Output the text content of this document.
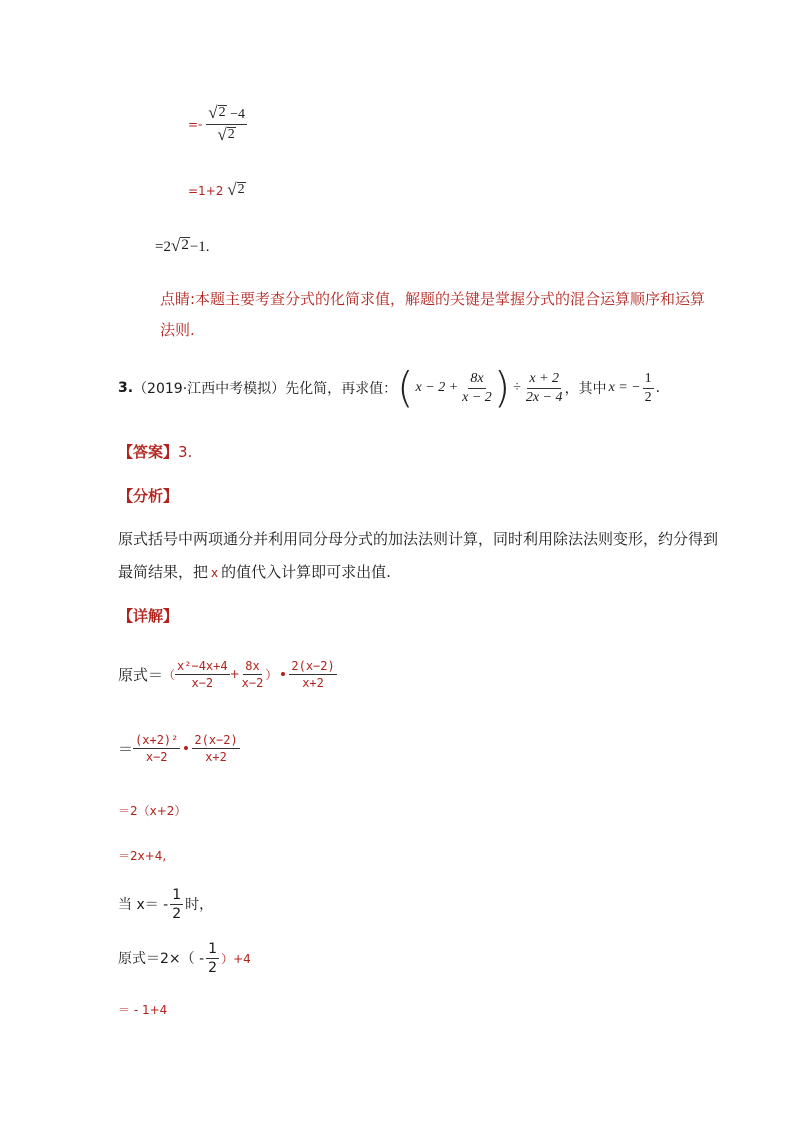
=- $\frac{√ 2 -4}{√ 2}$
=1+2 √ 2
=2 √ 2 −1.
点睛:本题主要考查分式的化简求值，解题的关键是掌握分式的混合运算顺序和运算
法则.
3. （2019·江西中考模拟）先化简，再求值： ( $x - 2 + \frac{8x}{x - 2}$ ) ÷ $\frac{x + 2}{2x - 4}$ ，其中 x = − $\frac{1}{2}$ .
【答案】3.
【分析】
原式括号中两项通分并利用同分母分式的加法法则计算，同时利用除法法则变形，约分得到
最简结果，把 x 的值代入计算即可求出值.
【详解】
原式＝ （ $\frac{\text{x²−4x+4}}{x-2} + \frac{8x}{x-2}$ ） $\frac{2(x-2)}{x+2}$
＝ $\frac{\text{(x+2)²}}{x-2} \frac{2(x-2)}{x+2}$
＝2（x+2）
＝2x+4,
当 $x= - \frac{1}{2}$ 时，
原式＝ $2\times( - \frac{1}{2} )+4$
＝ - 1+4
